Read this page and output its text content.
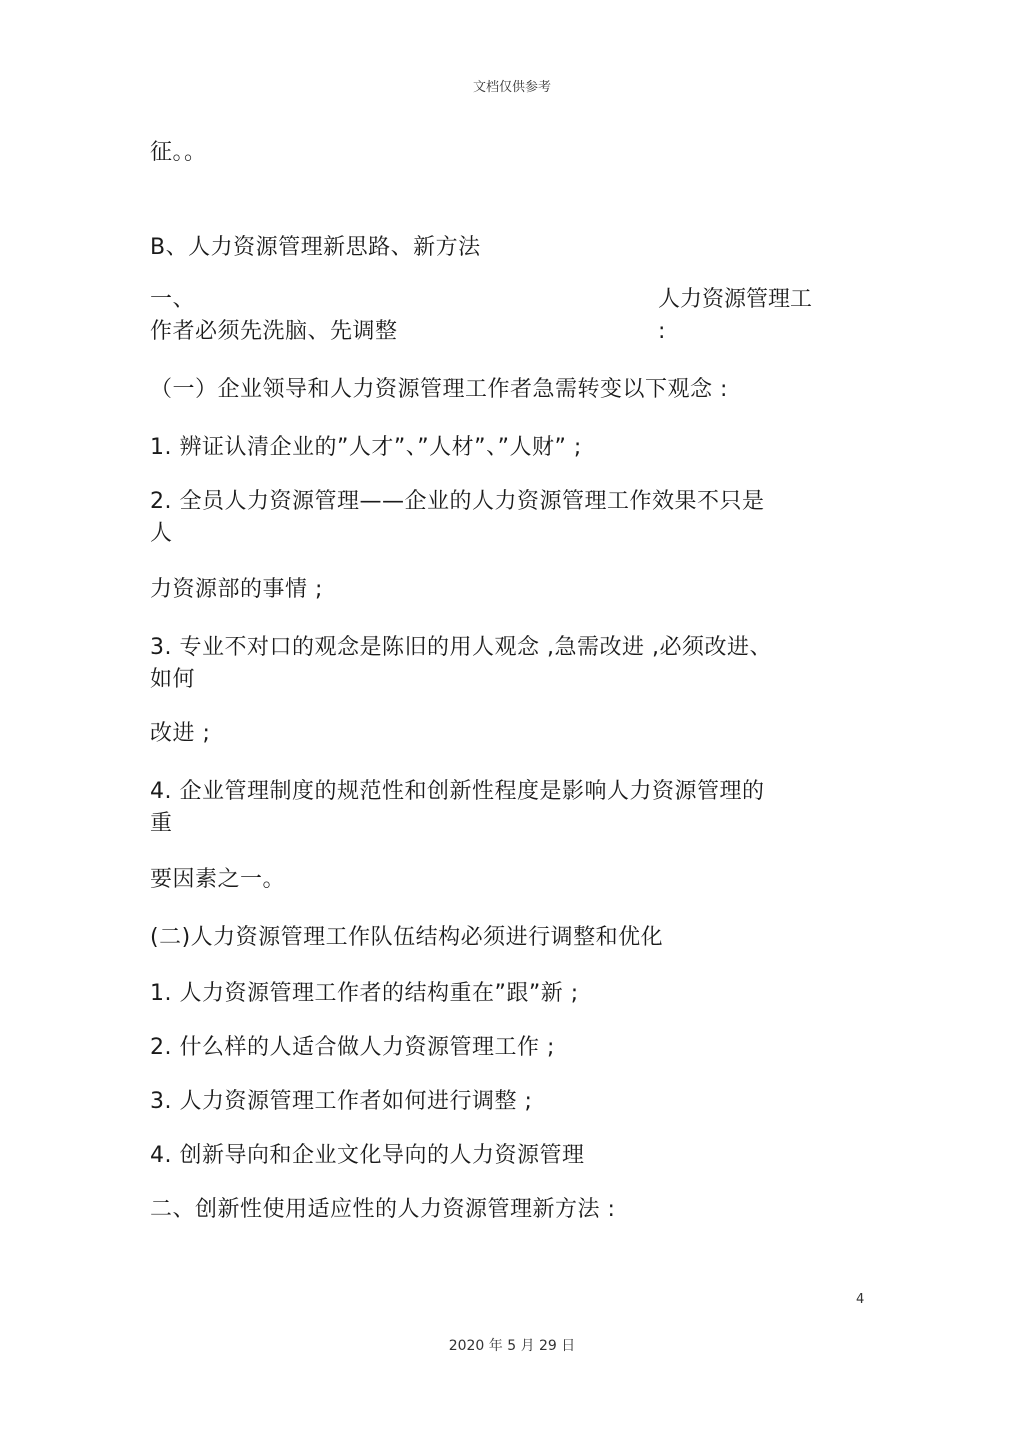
文档仅供参考
征。。
B、人力资源管理新思路、新方法
一、	人力资源管理工
作者必须先洗脑、先调整	:
（一）企业领导和人力资源管理工作者急需转变以下观念 :
1. 辨证认清企业的”人才”、”人材”、”人财” ;
2. 全员人力资源管理——企业的人力资源管理工作效果不只是
人
力资源部的事情 ;
3. 专业不对口的观念是陈旧的用人观念 ,急需改进 ,必须改进、
如何
改进 ;
4. 企业管理制度的规范性和创新性程度是影响人力资源管理的
重
要因素之一。
(二)人力资源管理工作队伍结构必须进行调整和优化
1. 人力资源管理工作者的结构重在”跟”新 ;
2. 什么样的人适合做人力资源管理工作 ;
3. 人力资源管理工作者如何进行调整 ;
4. 创新导向和企业文化导向的人力资源管理
二、创新性使用适应性的人力资源管理新方法 :
4
2020 年 5 月 29 日
